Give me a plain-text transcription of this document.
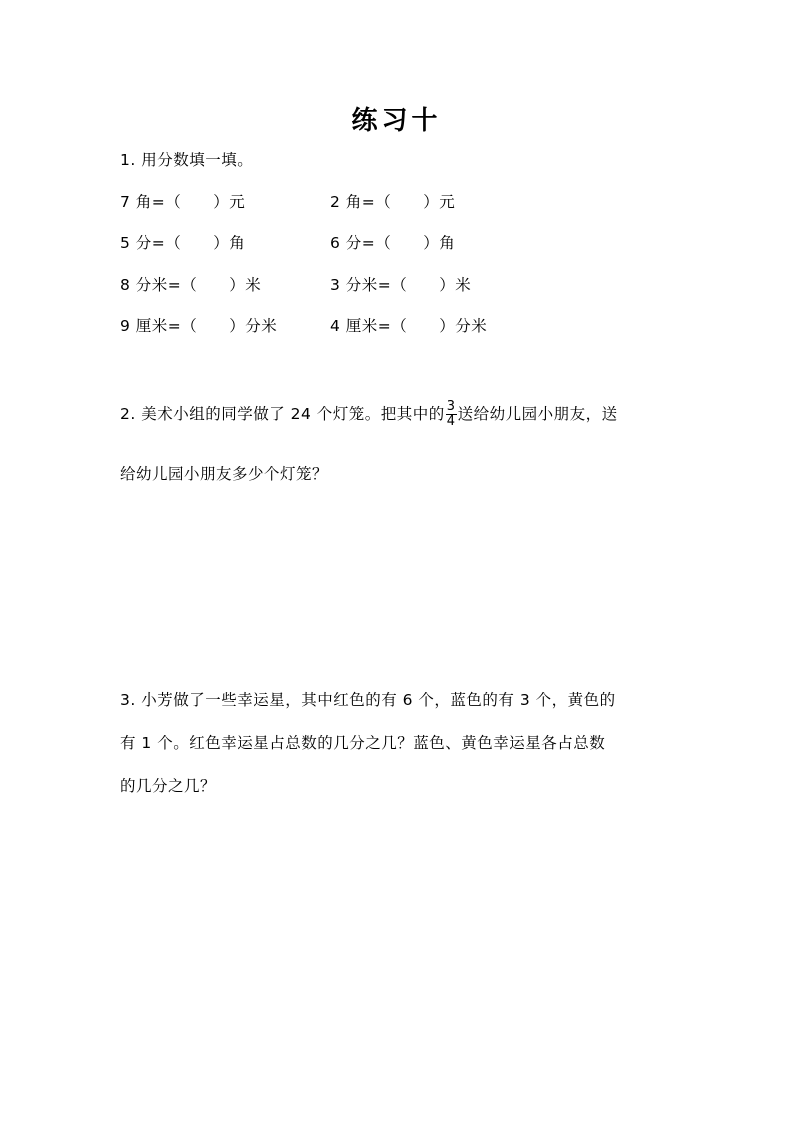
练习十
1. 用分数填一填。
7 角=（　　）元	2 角=（　　）元
5 分=（　　）角	6 分=（　　）角
8 分米=（　　）米	3 分米=（　　）米
9 厘米=（　　）分米	4 厘米=（　　）分米
2. 美术小组的同学做了 24 个灯笼。把其中的 $\frac{3}{4}$ 送给幼儿园小朋友，送
给幼儿园小朋友多少个灯笼？
3. 小芳做了一些幸运星，其中红色的有 6 个，蓝色的有 3 个，黄色的
有 1 个。红色幸运星占总数的几分之几？蓝色、黄色幸运星各占总数
的几分之几？
